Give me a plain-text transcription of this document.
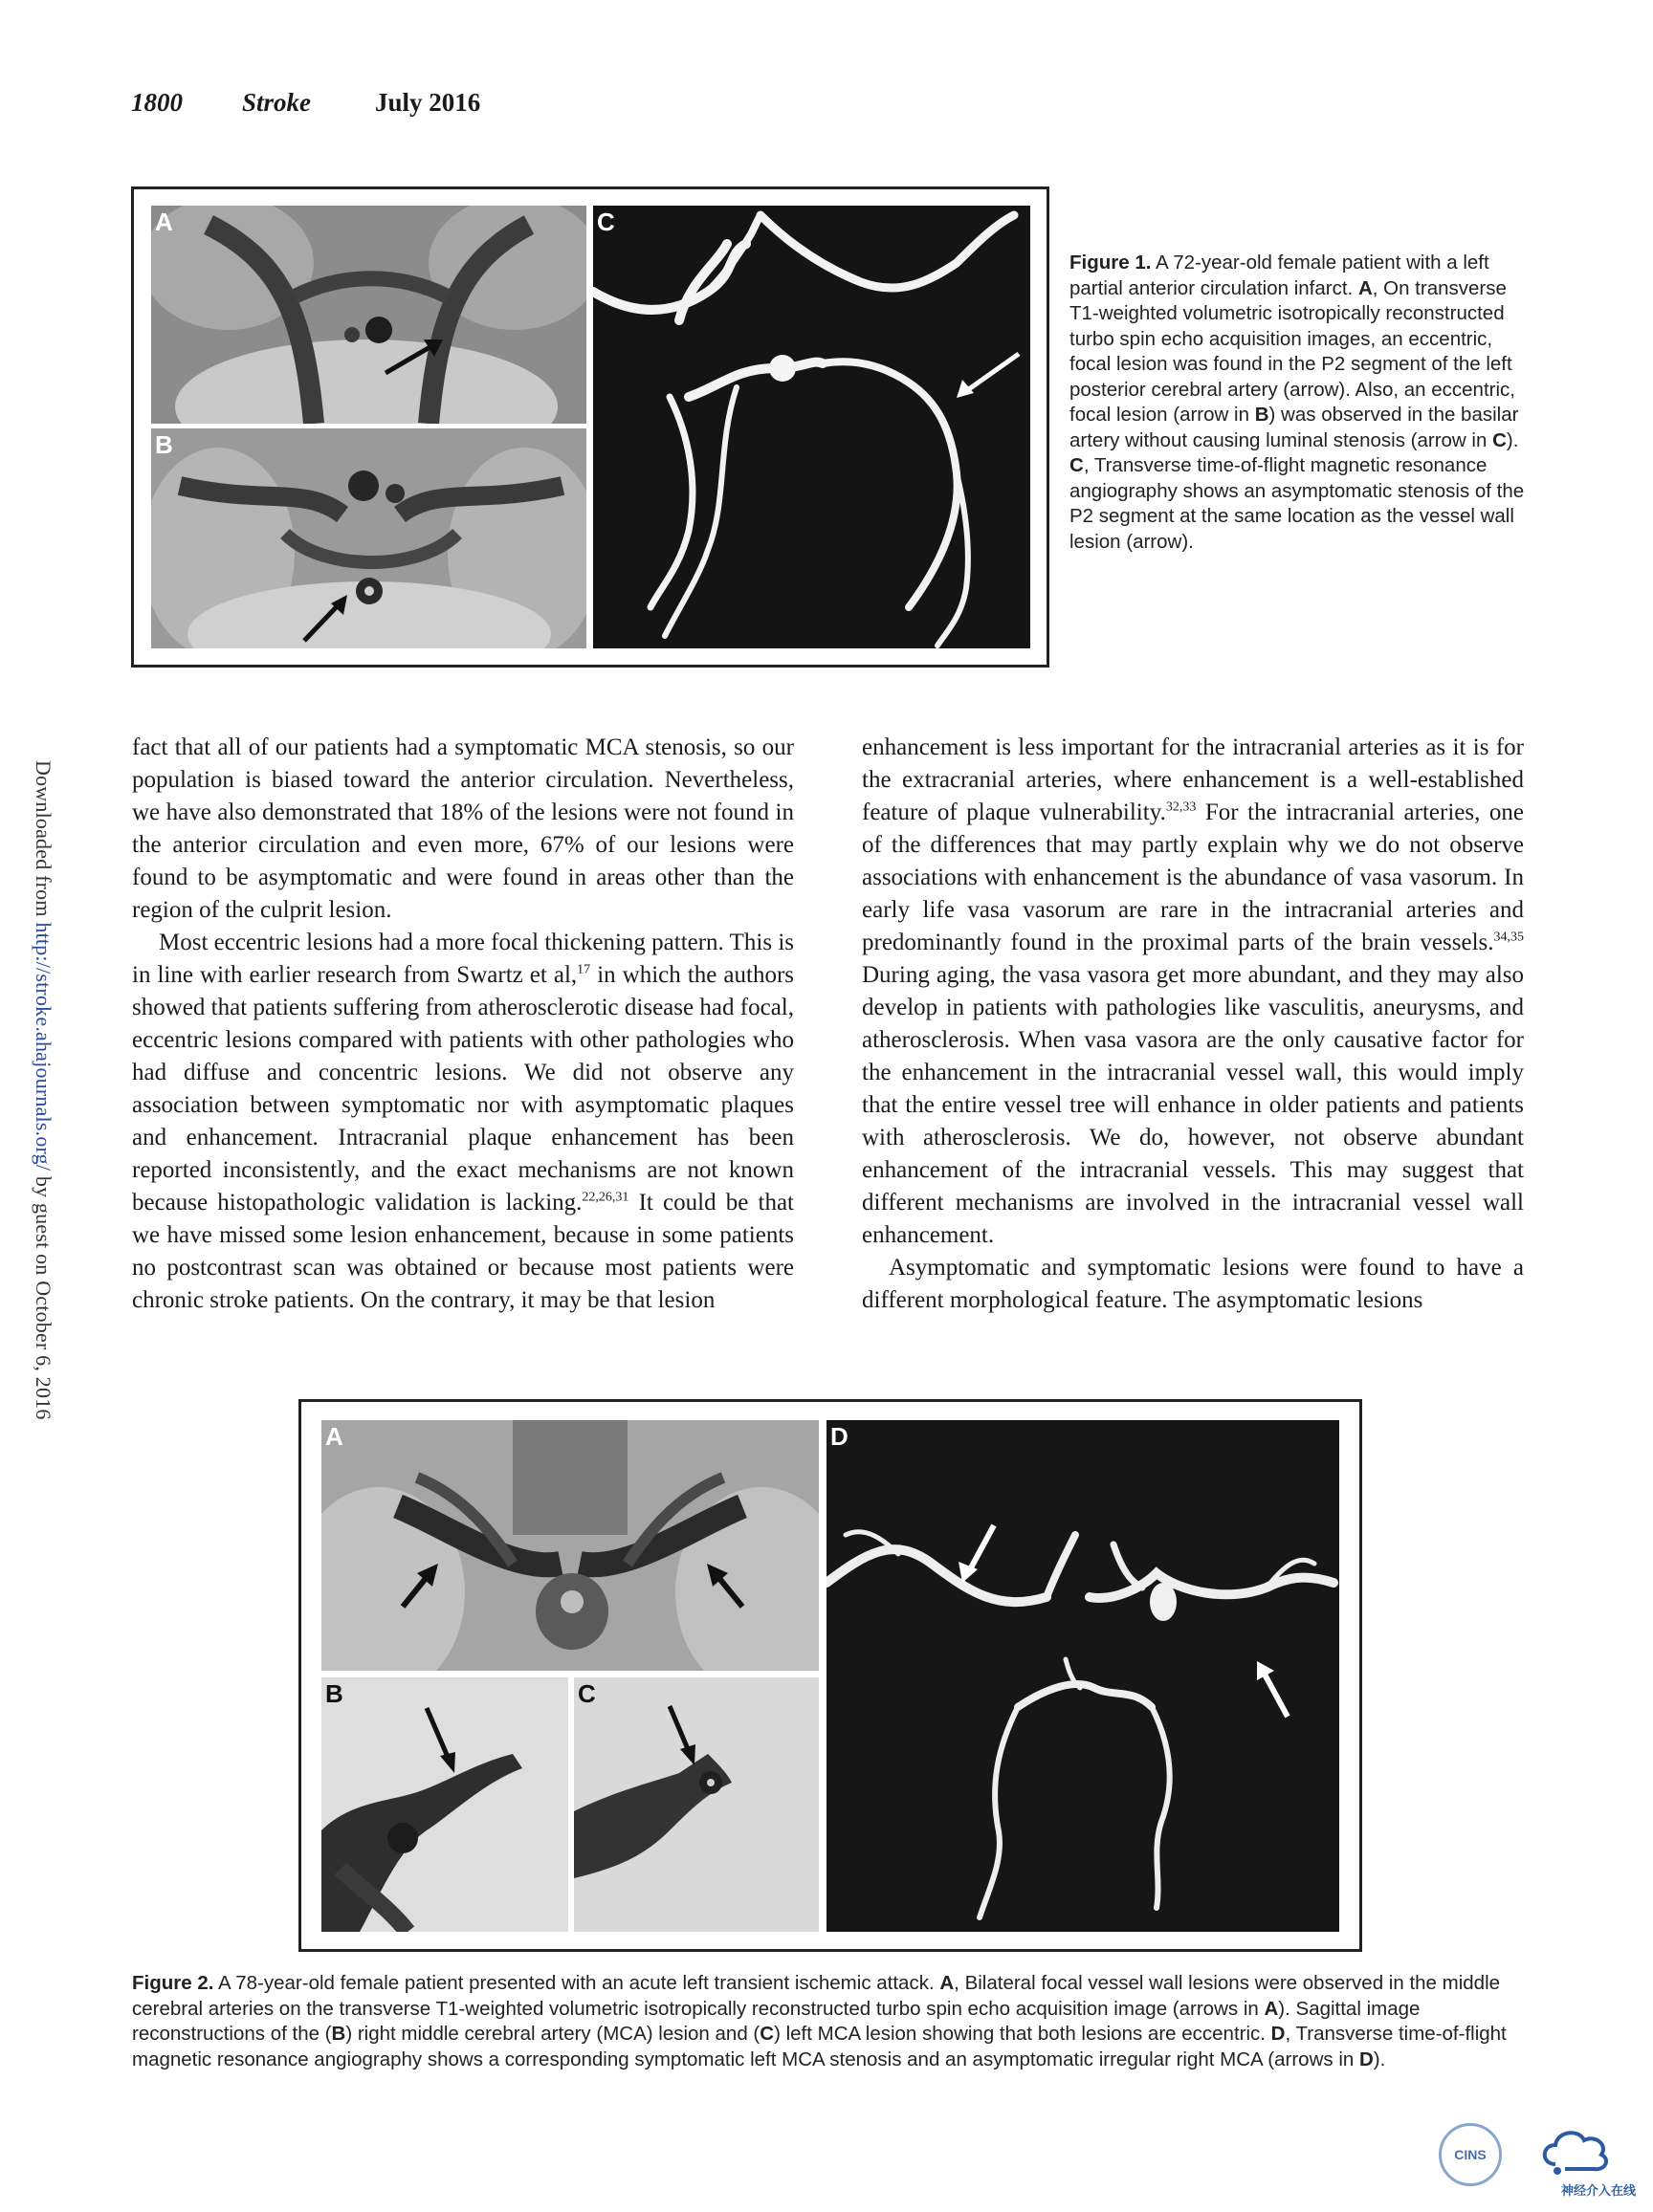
1800 Stroke July 2016
Downloaded from http://stroke.ahajournals.org/ by guest on October 6, 2016
A
B
C
Figure 1. A 72-year-old female patient with a left partial anterior circulation infarct. A, On transverse T1-weighted volumetric isotropically reconstructed turbo spin echo acquisition images, an eccentric, focal lesion was found in the P2 segment of the left posterior cerebral artery (arrow). Also, an eccentric, focal lesion (arrow in B) was observed in the basilar artery without causing luminal stenosis (arrow in C). C, Transverse time-of-flight magnetic resonance angiography shows an asymptomatic stenosis of the P2 segment at the same location as the vessel wall lesion (arrow).

fact that all of our patients had a symptomatic MCA stenosis, so our population is biased toward the anterior circulation. Nevertheless, we have also demonstrated that 18% of the lesions were not found in the anterior circulation and even more, 67% of our lesions were found to be asymptomatic and were found in areas other than the region of the culprit lesion.

Most eccentric lesions had a more focal thickening pattern. This is in line with earlier research from Swartz et al,$^{17}$ in which the authors showed that patients suffering from atherosclerotic disease had focal, eccentric lesions compared with patients with other pathologies who had diffuse and concentric lesions. We did not observe any association between symptomatic nor with asymptomatic plaques and enhancement. Intracranial plaque enhancement has been reported inconsistently, and the exact mechanisms are not known because histopathologic validation is lacking.$^{22,26,31}$ It could be that we have missed some lesion enhancement, because in some patients no postcontrast scan was obtained or because most patients were chronic stroke patients. On the contrary, it may be that lesion

enhancement is less important for the intracranial arteries as it is for the extracranial arteries, where enhancement is a well-established feature of plaque vulnerability.$^{32,33}$ For the intracranial arteries, one of the differences that may partly explain why we do not observe associations with enhancement is the abundance of vasa vasorum. In early life vasa vasorum are rare in the intracranial arteries and predominantly found in the proximal parts of the brain vessels.$^{34,35}$ During aging, the vasa vasora get more abundant, and they may also develop in patients with pathologies like vasculitis, aneurysms, and atherosclerosis. When vasa vasora are the only causative factor for the enhancement in the intracranial vessel wall, this would imply that the entire vessel tree will enhance in older patients and patients with atherosclerosis. We do, however, not observe abundant enhancement of the intracranial vessels. This may suggest that different mechanisms are involved in the intracranial vessel wall enhancement.

Asymptomatic and symptomatic lesions were found to have a different morphological feature. The asymptomatic lesions

A
B	C
D
Figure 2. A 78-year-old female patient presented with an acute left transient ischemic attack. A, Bilateral focal vessel wall lesions were observed in the middle cerebral arteries on the transverse T1-weighted volumetric isotropically reconstructed turbo spin echo acquisition image (arrows in A). Sagittal image reconstructions of the (B) right middle cerebral artery (MCA) lesion and (C) left MCA lesion showing that both lesions are eccentric. D, Transverse time-of-flight magnetic resonance angiography shows a corresponding symptomatic left MCA stenosis and an asymptomatic irregular right MCA (arrows in D).
CINS
神经介入在线
